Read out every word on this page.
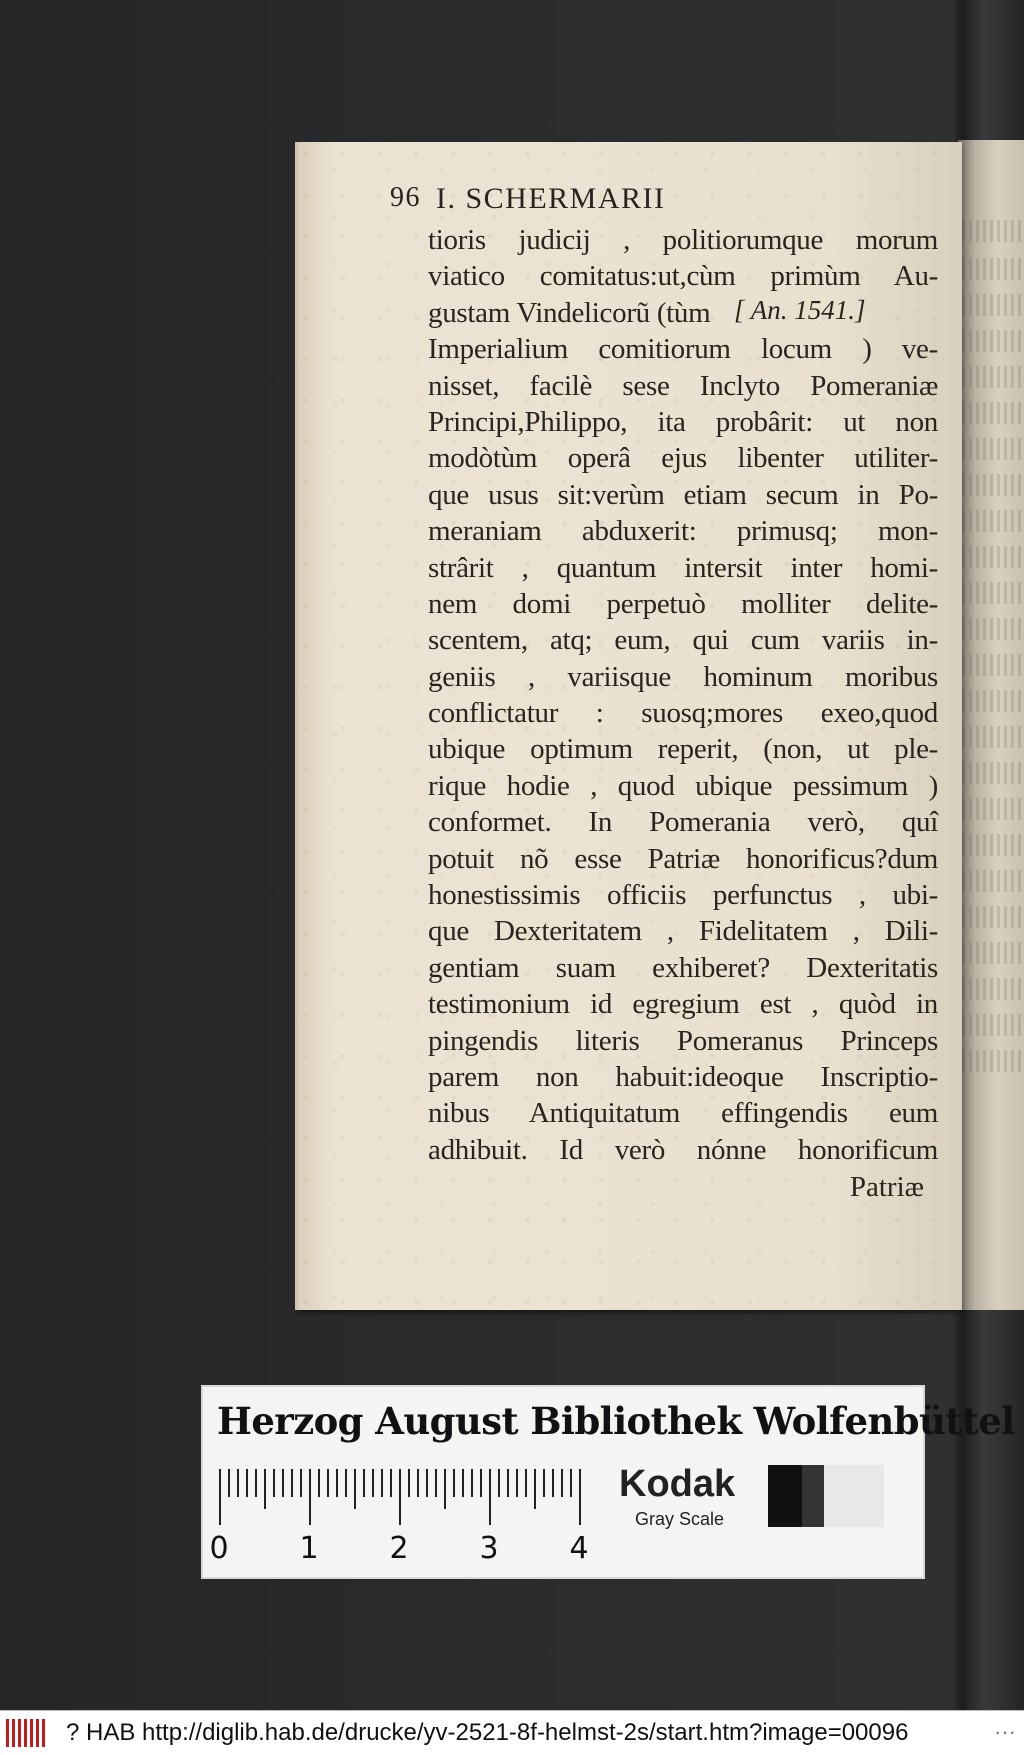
96 I. SCHERMARII
tioris judicij , politiorumque morum
viatico comitatus:ut,cùm primùm Au-
gustam Vindelicorũ (tùm
Imperialium comitiorum locum ) ve-
nisset, facilè sese Inclyto Pomeraniæ
Principi,Philippo, ita probârit: ut non
modòtùm operâ ejus libenter utiliter-
que usus sit:verùm etiam secum in Po-
meraniam abduxerit: primusq; mon-
strârit , quantum intersit inter homi-
nem domi perpetuò molliter delite-
scentem, atq; eum, qui cum variis in-
geniis , variisque hominum moribus
conflictatur : suosq;mores exeo,quod
ubique optimum reperit, (non, ut ple-
rique hodie , quod ubique pessimum )
conformet. In Pomerania verò, quî
potuit nõ esse Patriæ honorificus?dum
honestissimis officiis perfunctus , ubi-
que Dexteritatem , Fidelitatem , Dili-
gentiam suam exhiberet? Dexteritatis
testimonium id egregium est , quòd in
pingendis literis Pomeranus Princeps
parem non habuit:ideoque Inscriptio-
nibus Antiquitatum effingendis eum
adhibuit. Id verò nónne honorificum
[ An. 1541.]
Patriæ
Herzog August Bibliothek Wolfenbüttel
0 1 2 3 4
Kodak
Gray Scale
? HAB http://diglib.hab.de/drucke/yv-2521-8f-helmst-2s/start.htm?image=00096	···
